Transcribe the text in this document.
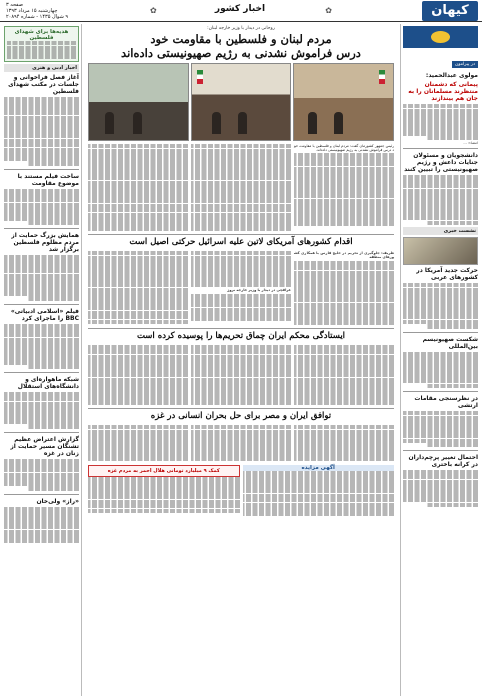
کیهان
✿
اخبار کشور
✿
صفحه ۳
چهارشنبه ۱۵ مرداد ۱۳۹۳
۹ شوال ۱۴۳۵ - شماره ۲۰۸۹۴
در پیرامون
مولوی عبدالحمید:
پیمانی که دشمنان منتظرند مسلمانان را به جان هم بیندازند
امضاء: ...
دانشجویان و مسئولان جنایات داعش و رژیم صهیونیستی را تبیین کنند
نشست خبری
حرکت جدید آمریکا در کشورهای عربی
شکست صهیونیسم بین‌المللی
در نظرسنجی مقامات ارتشی
احتمال تغییر پرچم‌داران در کرانه باختری
روحانی در دیدار با وزیر خارجه لبنان:
مردم لبنان و فلسطین با مقاومت خود
درس فراموش نشدنی به رژیم صهیونیستی داده‌اند
رئیس جمهور کشورمان گفت: مردم لبنان و فلسطین با مقاومت خود درس فراموش نشدنی به رژیم صهیونیستی داده‌اند.
اقدام کشورهای آمریکای لاتین علیه اسرائیل حرکتی اصیل است
ظریف: جلوگیری از تحریم در خلیج فارس با همکاری کشورهای منطقه
عراقچی در دیدار با وزیر خارجه نروژ
ایستادگی محکم ایران چماق تحریم‌ها را پوسیده کرده است
توافق ایران و مصر برای حل بحران انسانی در غزه
آگهی مزایده
کمک ۹ میلیارد تومانی هلال احمر به مردم غزه
هدیه‌ها برای شهدای فلسطین
اخبار ادبی و هنری
آغاز فصل فراخوانی و جلسات در مکتب شهدای فلسطین
ساخت فیلم مستند با موضوع مقاومت
همایش بزرگ حمایت از مردم مظلوم فلسطین برگزار شد
فیلم «اسلامی ادبیاتی» BBC را ماجرای کرد
شبکه ماهواره‌ای و دانشگاه‌های استقلال
گزارش اعتراض عظیم تشنگان مسیر حمایت از زنان در غزه
«راز» ولی‌خان
